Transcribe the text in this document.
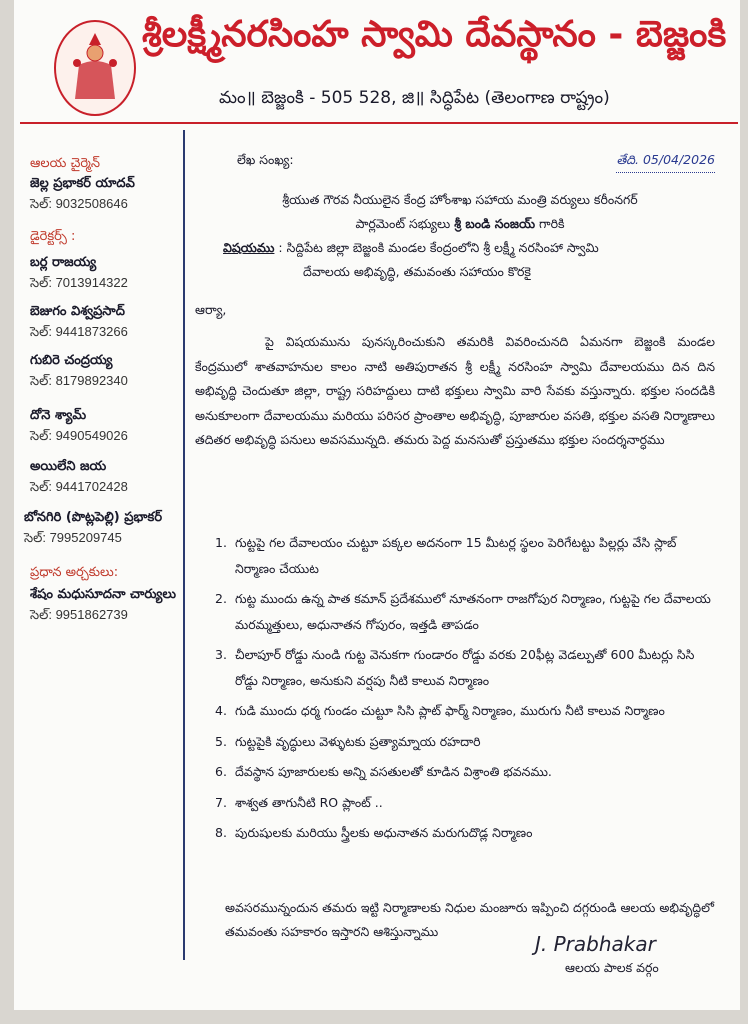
శ్రీలక్ష్మీనరసింహ స్వామి దేవస్థానం - బెజ్జంకి
మం॥ బెజ్జంకి - 505 528, జి॥ సిద్ధిపేట (తెలంగాణ రాష్ట్రం)
ఆలయ చైర్మెన్
జెల్ల ప్రభాకర్ యాదవ్
సెల్: 9032508646
డైరెక్టర్స్ :
బర్ల రాజయ్య
సెల్: 7013914322
బెజుగం విశ్వప్రసాద్
సెల్: 9441873266
గుబిరె చంద్రయ్య
సెల్: 8179892340
దోనె శ్యామ్
సెల్: 9490549026
అయిలేని జయ
సెల్: 9441702428
బోనగిరి (పొట్లపెల్లి) ప్రభాకర్
సెల్: 7995209745
ప్రధాన అర్చకులు:
శేషం మధుసూదనా చార్యులు
సెల్: 9951862739
లేఖ సంఖ్య:	తేది. 05/04/2026
శ్రీయుత గౌరవ నీయులైన కేంద్ర హోంశాఖ సహాయ మంత్రి వర్యులు కరీంనగర్
పార్లమెంట్ సభ్యులు శ్రీ బండి సంజయ్ గారికి
విషయము : సిద్దిపేట జిల్లా బెజ్జంకి మండల కేంద్రంలోని శ్రీ లక్ష్మీ నరసింహా స్వామి
దేవాలయ అభివృద్ధి, తమవంతు సహాయం కొరకై
ఆర్యా,
పై విషయమును పునస్కరించుకుని తమరికి వివరించునది ఏమనగా బెజ్జంకి మండల కేంద్రములో శాతవాహనుల కాలం నాటి అతిపురాతన శ్రీ లక్ష్మీ నరసింహ స్వామి దేవాలయము దిన దిన అభివృద్ధి చెందుతూ జిల్లా, రాష్ట్ర సరిహద్దులు దాటి భక్తులు స్వామి వారి సేవకు వస్తున్నారు. భక్తుల సందడికి అనుకూలంగా దేవాలయము మరియు పరిసర ప్రాంతాల అభివృద్ధి, పూజారుల వసతి, భక్తుల వసతి నిర్మాణాలు తదితర అభివృద్ధి పనులు అవసమున్నది. తమరు పెద్ద మనసుతో ప్రస్తుతము భక్తుల సందర్శనార్ధము
1. గుట్టపై గల దేవాలయం చుట్టూ పక్కల అదనంగా 15 మీటర్ల స్థలం పెరిగేటట్టు పిల్లర్లు వేసి స్లాబ్ నిర్మాణం చేయుట
2. గుట్ట ముందు ఉన్న పాత కమాన్ ప్రదేశములో నూతనంగా రాజగోపుర నిర్మాణం, గుట్టపై గల దేవాలయ మరమ్మత్తులు, అధునాతన గోపురం, ఇత్తడి తాపడం
3. చీలాపూర్ రోడ్డు నుండి గుట్ట వెనుకగా గుండారం రోడ్డు వరకు 20ఫీట్ల వెడల్పుతో 600 మీటర్లు సిసి రోడ్డు నిర్మాణం, అనుకుని వర్షపు నీటి కాలువ నిర్మాణం
4. గుడి ముందు ధర్మ గుండం చుట్టూ సిసి ప్లాట్ ఫార్మ్ నిర్మాణం, మురుగు నీటి కాలువ నిర్మాణం
5. గుట్టపైకి వృద్ధులు వెళ్ళుటకు ప్రత్యామ్నాయ రహదారి
6. దేవస్థాన పూజారులకు అన్ని వసతులతో కూడిన విశ్రాంతి భవనము.
7. శాశ్వత తాగునీటి RO ప్లాంట్ ..
8. పురుషులకు మరియు స్త్రీలకు అధునాతన మరుగుదొడ్ల నిర్మాణం
అవసరమున్నందున తమరు ఇట్టి నిర్మాణాలకు నిధుల మంజూరు ఇప్పించి దగ్గరుండి ఆలయ అభివృద్ధిలో తమవంతు సహకారం ఇస్తారని ఆశిస్తున్నాము
J. Prabhakar
ఆలయ పాలక వర్గం
